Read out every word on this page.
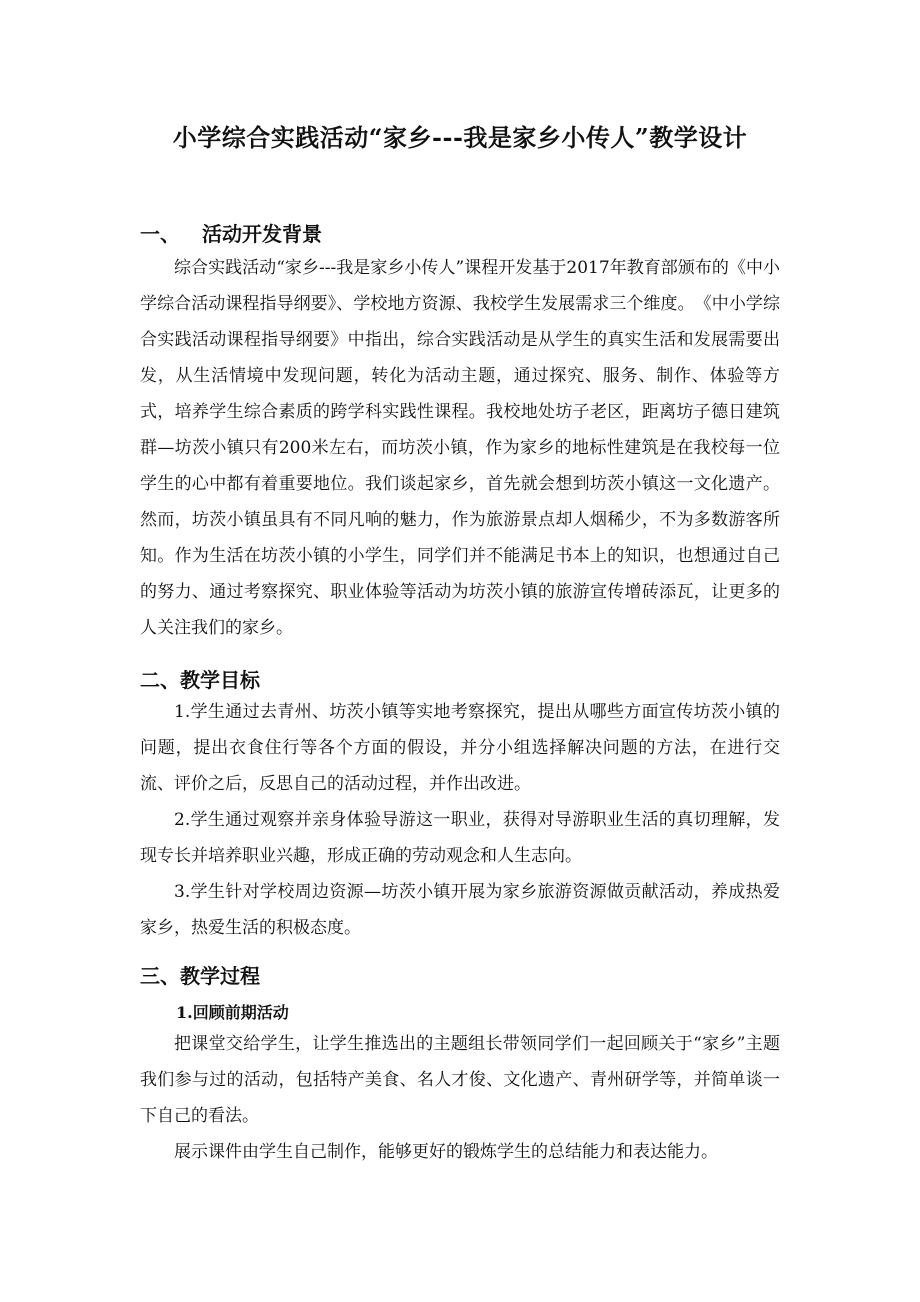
小学综合实践活动“家乡---我是家乡小传人”教学设计
一、 活动开发背景

综合实践活动“家乡---我是家乡小传人”课程开发基于2017年教育部颁布的《中小学综合活动课程指导纲要》、学校地方资源、我校学生发展需求三个维度。　《中小学综合实践活动课程指导纲要》中指出，综合实践活动是从学生的真实生活和发展需要出发，从生活情境中发现问题，转化为活动主题，通过探究、服务、制作、体验等方式，培养学生综合素质的跨学科实践性课程。我校地处坊子老区，距离坊子德日建筑群—坊茨小镇只有200米左右，而坊茨小镇，作为家乡的地标性建筑是在我校每一位学生的心中都有着重要地位。我们谈起家乡，首先就会想到坊茨小镇这一文化遗产。然而，坊茨小镇虽具有不同凡响的魅力，作为旅游景点却人烟稀少，不为多数游客所知。作为生活在坊茨小镇的小学生，同学们并不能满足书本上的知识，也想通过自己的努力、通过考察探究、职业体验等活动为坊茨小镇的旅游宣传增砖添瓦，让更多的人关注我们的家乡。

二、教学目标

1.学生通过去青州、坊茨小镇等实地考察探究，提出从哪些方面宣传坊茨小镇的问题，提出衣食住行等各个方面的假设，并分小组选择解决问题的方法，在进行交流、评价之后，反思自己的活动过程，并作出改进。

2.学生通过观察并亲身体验导游这一职业，获得对导游职业生活的真切理解，发现专长并培养职业兴趣，形成正确的劳动观念和人生志向。

3.学生针对学校周边资源—坊茨小镇开展为家乡旅游资源做贡献活动，养成热爱家乡，热爱生活的积极态度。

三、教学过程
1.回顾前期活动

把课堂交给学生，让学生推选出的主题组长带领同学们一起回顾关于“家乡”主题我们参与过的活动，包括特产美食、名人才俊、文化遗产、青州研学等，并简单谈一下自己的看法。

展示课件由学生自己制作，能够更好的锻炼学生的总结能力和表达能力。
